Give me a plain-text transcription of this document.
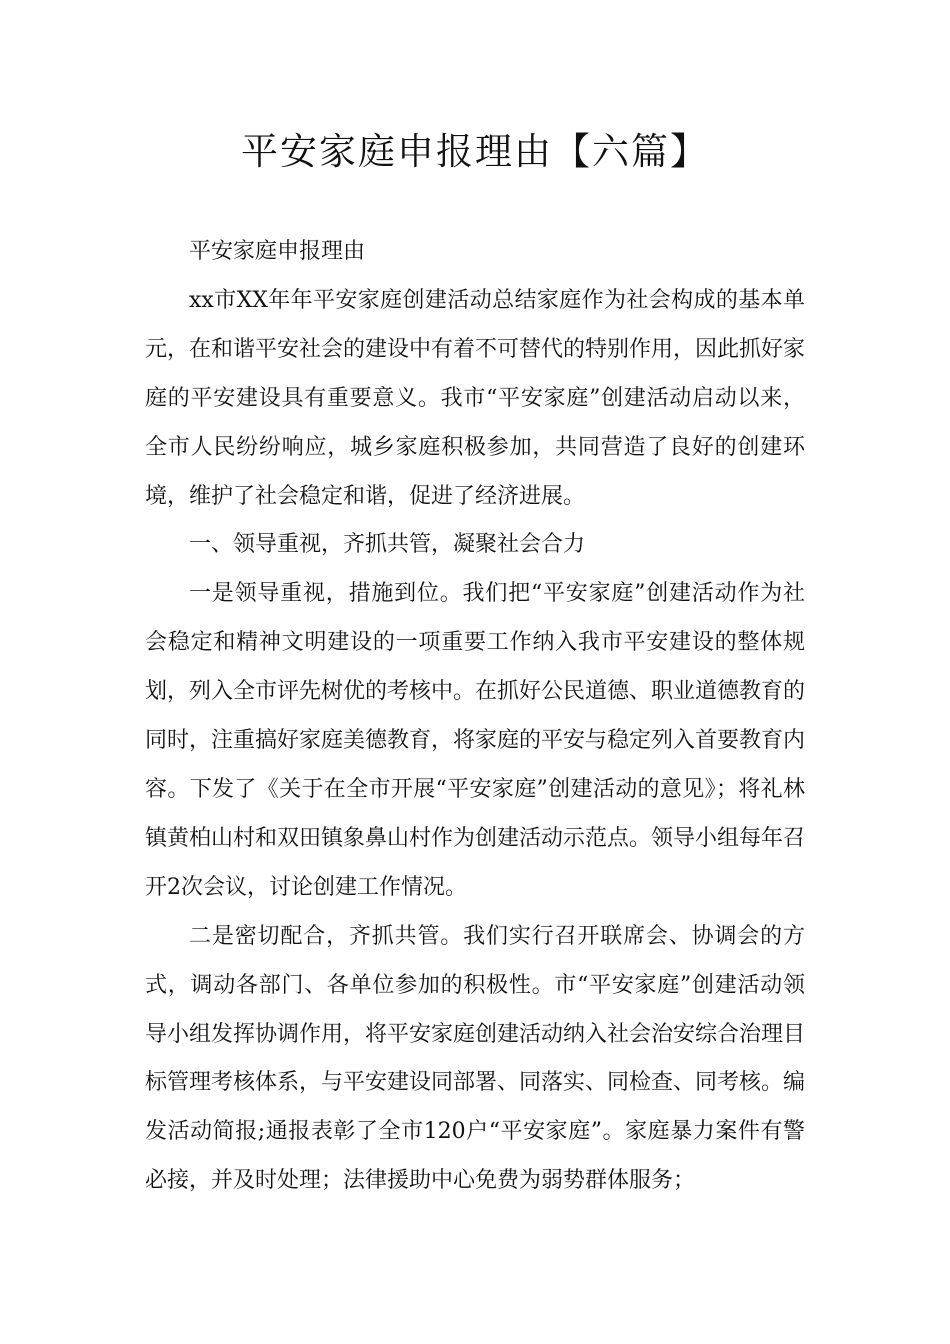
平安家庭申报理由【六篇】

平安家庭申报理由

xx市XX年年平安家庭创建活动总结家庭作为社会构成的基本单元，在和谐平安社会的建设中有着不可替代的特别作用，因此抓好家庭的平安建设具有重要意义。我市“平安家庭”创建活动启动以来，全市人民纷纷响应，城乡家庭积极参加，共同营造了良好的创建环境，维护了社会稳定和谐，促进了经济进展。

一、领导重视，齐抓共管，凝聚社会合力

一是领导重视，措施到位。我们把“平安家庭”创建活动作为社会稳定和精神文明建设的一项重要工作纳入我市平安建设的整体规划，列入全市评先树优的考核中。在抓好公民道德、职业道德教育的同时，注重搞好家庭美德教育，将家庭的平安与稳定列入首要教育内容。下发了《关于在全市开展“平安家庭”创建活动的意见》；将礼林镇黄柏山村和双田镇象鼻山村作为创建活动示范点。领导小组每年召开2次会议，讨论创建工作情况。

二是密切配合，齐抓共管。我们实行召开联席会、协调会的方式，调动各部门、各单位参加的积极性。市“平安家庭”创建活动领导小组发挥协调作用，将平安家庭创建活动纳入社会治安综合治理目标管理考核体系，与平安建设同部署、同落实、同检查、同考核。编发活动简报;通报表彰了全市120户“平安家庭”。家庭暴力案件有警必接，并及时处理；法律援助中心免费为弱势群体服务；
